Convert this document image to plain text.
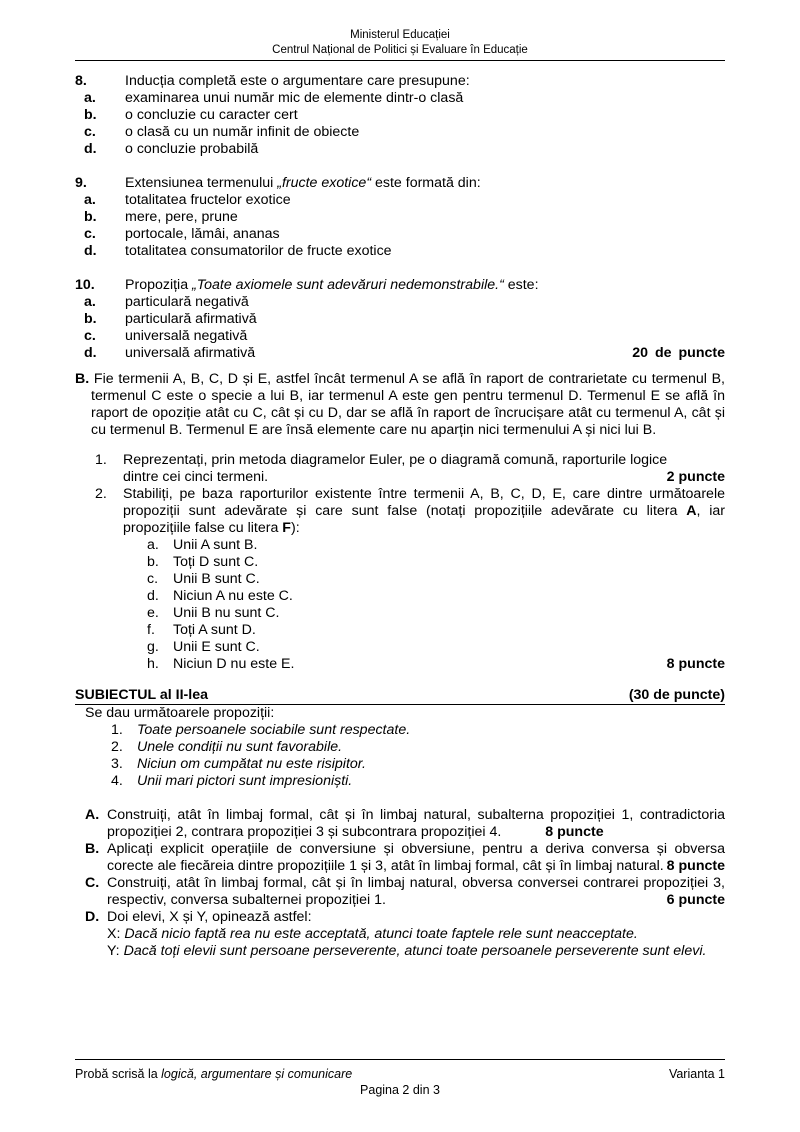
Ministerul Educației
Centrul Național de Politici și Evaluare în Educație
8.	Inducția completă este o argumentare care presupune:
a.	examinarea unui număr mic de elemente dintr-o clasă
b.	o concluzie cu caracter cert
c.	o clasă cu un număr infinit de obiecte
d.	o concluzie probabilă
9.	Extensiunea termenului „fructe exotice“ este formată din:
a.	totalitatea fructelor exotice
b.	mere, pere, prune
c.	portocale, lămâi, ananas
d.	totalitatea consumatorilor de fructe exotice
10.	Propoziția „Toate axiomele sunt adevăruri nedemonstrabile.“ este:
a.	particulară negativă
b.	particulară afirmativă
c.	universală negativă
d.	universală afirmativă	20 de puncte
B. Fie termenii A, B, C, D și E, astfel încât termenul A se află în raport de contrarietate cu termenul B, termenul C este o specie a lui B, iar termenul A este gen pentru termenul D. Termenul E se află în raport de opoziție atât cu C, cât și cu D, dar se află în raport de încrucișare atât cu termenul A, cât și cu termenul B. Termenul E are însă elemente care nu aparțin nici termenului A și nici lui B.
1.	Reprezentați, prin metoda diagramelor Euler, pe o diagramă comună, raporturile logice
dintre cei cinci termeni.	2 puncte
2.	Stabiliți, pe baza raporturilor existente între termenii A, B, C, D, E, care dintre următoarele propoziții sunt adevărate și care sunt false (notați propozițiile adevărate cu litera A, iar propozițiile false cu litera F):
a. Unii A sunt B.
b. Toți D sunt C.
c.	Unii B sunt C.
d. Niciun A nu este C.
e. Unii B nu sunt C.
f.	Toți A sunt D.
g. Unii E sunt C.
h. Niciun D nu este E.	8 puncte
SUBIECTUL al II-lea	(30 de puncte)
Se dau următoarele propoziții:
1. Toate persoanele sociabile sunt respectate.
2. Unele condiții nu sunt favorabile.
3. Niciun om cumpătat nu este risipitor.
4. Unii mari pictori sunt impresioniști.
A. Construiți, atât în limbaj formal, cât și în limbaj natural, subalterna propoziției 1, contradictoria propoziției 2, contrara propoziției 3 și subcontrara propoziției 4.	8 puncte
B. Aplicați explicit operațiile de conversiune și obversiune, pentru a deriva conversa și obversa corecte ale fiecăreia dintre propozițiile 1 și 3, atât în limbaj formal, cât și în limbaj natural. 8 puncte
C. Construiți, atât în limbaj formal, cât și în limbaj natural, obversa conversei contrarei propoziției 3, respectiv, conversa subalternei propoziției 1.	6 puncte
D. Doi elevi, X și Y, opinează astfel:
X: Dacă nicio faptă rea nu este acceptată, atunci toate faptele rele sunt neacceptate.
Y: Dacă toți elevii sunt persoane perseverente, atunci toate persoanele perseverente sunt elevi.
Probă scrisă la logică, argumentare și comunicare	Varianta 1
Pagina 2 din 3
